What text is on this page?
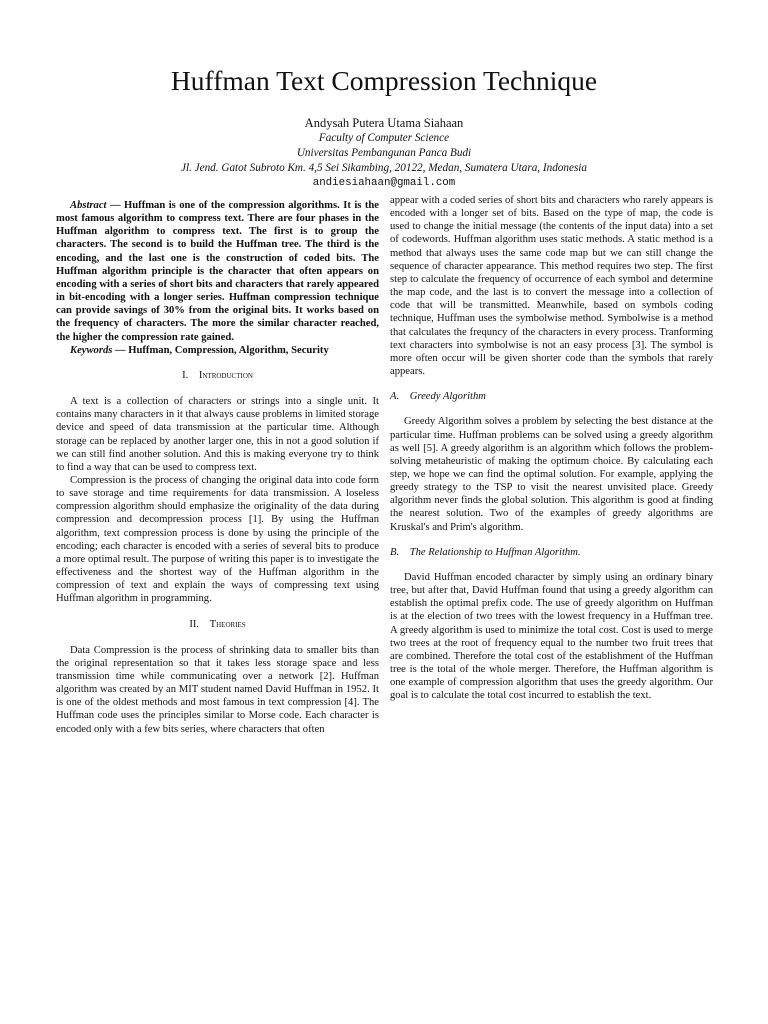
Huffman Text Compression Technique

Andysah Putera Utama Siahaan

Faculty of Computer Science

Universitas Pembangunan Panca Budi

Jl. Jend. Gatot Subroto Km. 4,5 Sei Sikambing, 20122, Medan, Sumatera Utara, Indonesia

andiesiahaan@gmail.com

Abstract — Huffman is one of the compression algorithms. It is the most famous algorithm to compress text. There are four phases in the Huffman algorithm to compress text. The first is to group the characters. The second is to build the Huffman tree. The third is the encoding, and the last one is the construction of coded bits. The Huffman algorithm principle is the character that often appears on encoding with a series of short bits and characters that rarely appeared in bit-encoding with a longer series. Huffman compression technique can provide savings of 30% from the original bits. It works based on the frequency of characters. The more the similar character reached, the higher the compression rate gained.

Keywords — Huffman, Compression, Algorithm, Security

I. Introduction

A text is a collection of characters or strings into a single unit. It contains many characters in it that always cause problems in limited storage device and speed of data transmission at the particular time. Although storage can be replaced by another larger one, this in not a good solution if we can still find another solution. And this is making everyone try to think to find a way that can be used to compress text.

Compression is the process of changing the original data into code form to save storage and time requirements for data transmission. A loseless compression algorithm should emphasize the originality of the data during compression and decompression process [1]. By using the Huffman algorithm, text compression process is done by using the principle of the encoding; each character is encoded with a series of several bits to produce a more optimal result. The purpose of writing this paper is to investigate the effectiveness and the shortest way of the Huffman algorithm in the compression of text and explain the ways of compressing text using Huffman algorithm in programming.

II. Theories

Data Compression is the process of shrinking data to smaller bits than the original representation so that it takes less storage space and less transmission time while communicating over a network [2]. Huffman algorithm was created by an MIT student named David Huffman in 1952. It is one of the oldest methods and most famous in text compression [4]. The Huffman code uses the principles similar to Morse code. Each character is encoded only with a few bits series, where characters that often

appear with a coded series of short bits and characters who rarely appears is encoded with a longer set of bits. Based on the type of map, the code is used to change the initial message (the contents of the input data) into a set of codewords. Huffman algorithm uses static methods. A static method is a method that always uses the same code map but we can still change the sequence of character appearance. This method requires two step. The first step to calculate the frequency of occurrence of each symbol and determine the map code, and the last is to convert the message into a collection of code that will be transmitted. Meanwhile, based on symbols coding technique, Huffman uses the symbolwise method. Symbolwise is a method that calculates the frequncy of the characters in every process. Tranforming text characters into symbolwise is not an easy process [3]. The symbol is more often occur will be given shorter code than the symbols that rarely appears.

A. Greedy Algorithm

Greedy Algorithm solves a problem by selecting the best distance at the particular time. Huffman problems can be solved using a greedy algorithm as well [5]. A greedy algorithm is an algorithm which follows the problem-solving metaheuristic of making the optimum choice. By calculating each step, we hope we can find the optimal solution. For example, applying the greedy strategy to the TSP to visit the nearest unvisited place. Greedy algorithm never finds the global solution. This algorithm is good at finding the nearest solution. Two of the examples of greedy algorithms are Kruskal's and Prim's algorithm.

B. The Relationship to Huffman Algorithm.

David Huffman encoded character by simply using an ordinary binary tree, but after that, David Huffman found that using a greedy algorithm can establish the optimal prefix code. The use of greedy algorithm on Huffman is at the election of two trees with the lowest frequency in a Huffman tree. A greedy algorithm is used to minimize the total cost. Cost is used to merge two trees at the root of frequency equal to the number two fruit trees that are combined. Therefore the total cost of the establishment of the Huffman tree is the total of the whole merger. Therefore, the Huffman algorithm is one example of compression algorithm that uses the greedy algorithm. Our goal is to calculate the total cost incurred to establish the text.
